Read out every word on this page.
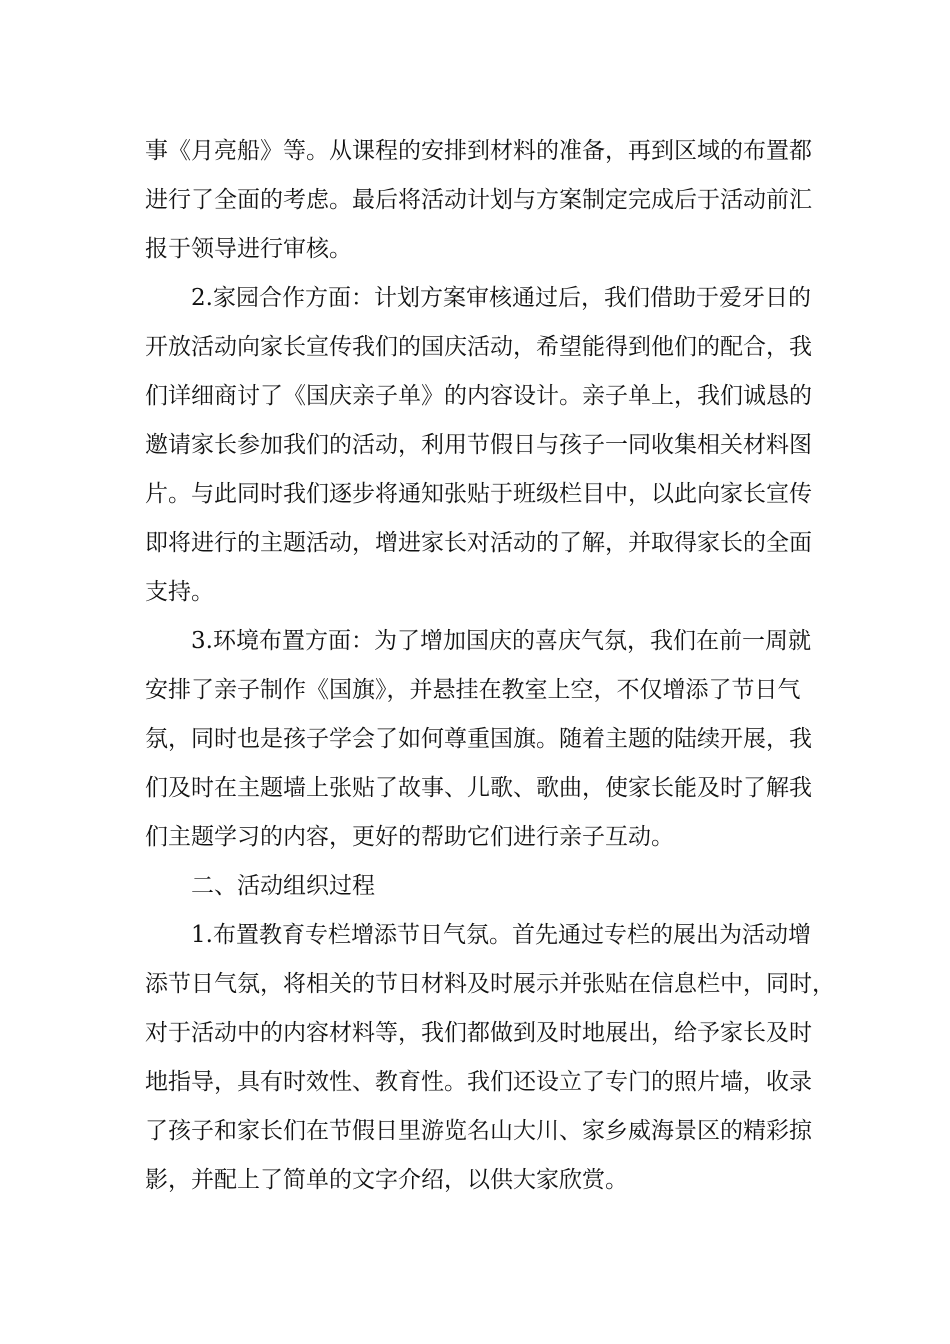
事《月亮船》等。从课程的安排到材料的准备，再到区域的布置都
进行了全面的考虑。最后将活动计划与方案制定完成后于活动前汇
报于领导进行审核。
2.家园合作方面：计划方案审核通过后，我们借助于爱牙日的
开放活动向家长宣传我们的国庆活动，希望能得到他们的配合，我
们详细商讨了《国庆亲子单》的内容设计。亲子单上，我们诚恳的
邀请家长参加我们的活动，利用节假日与孩子一同收集相关材料图
片。与此同时我们逐步将通知张贴于班级栏目中，以此向家长宣传
即将进行的主题活动，增进家长对活动的了解，并取得家长的全面
支持。
3.环境布置方面：为了增加国庆的喜庆气氛，我们在前一周就
安排了亲子制作《国旗》，并悬挂在教室上空，不仅增添了节日气
氛，同时也是孩子学会了如何尊重国旗。随着主题的陆续开展，我
们及时在主题墙上张贴了故事、儿歌、歌曲，使家长能及时了解我
们主题学习的内容，更好的帮助它们进行亲子互动。
二、活动组织过程
1.布置教育专栏增添节日气氛。首先通过专栏的展出为活动增
添节日气氛，将相关的节日材料及时展示并张贴在信息栏中，同时，
对于活动中的内容材料等，我们都做到及时地展出，给予家长及时
地指导，具有时效性、教育性。我们还设立了专门的照片墙，收录
了孩子和家长们在节假日里游览名山大川、家乡威海景区的精彩掠
影，并配上了简单的文字介绍，以供大家欣赏。
